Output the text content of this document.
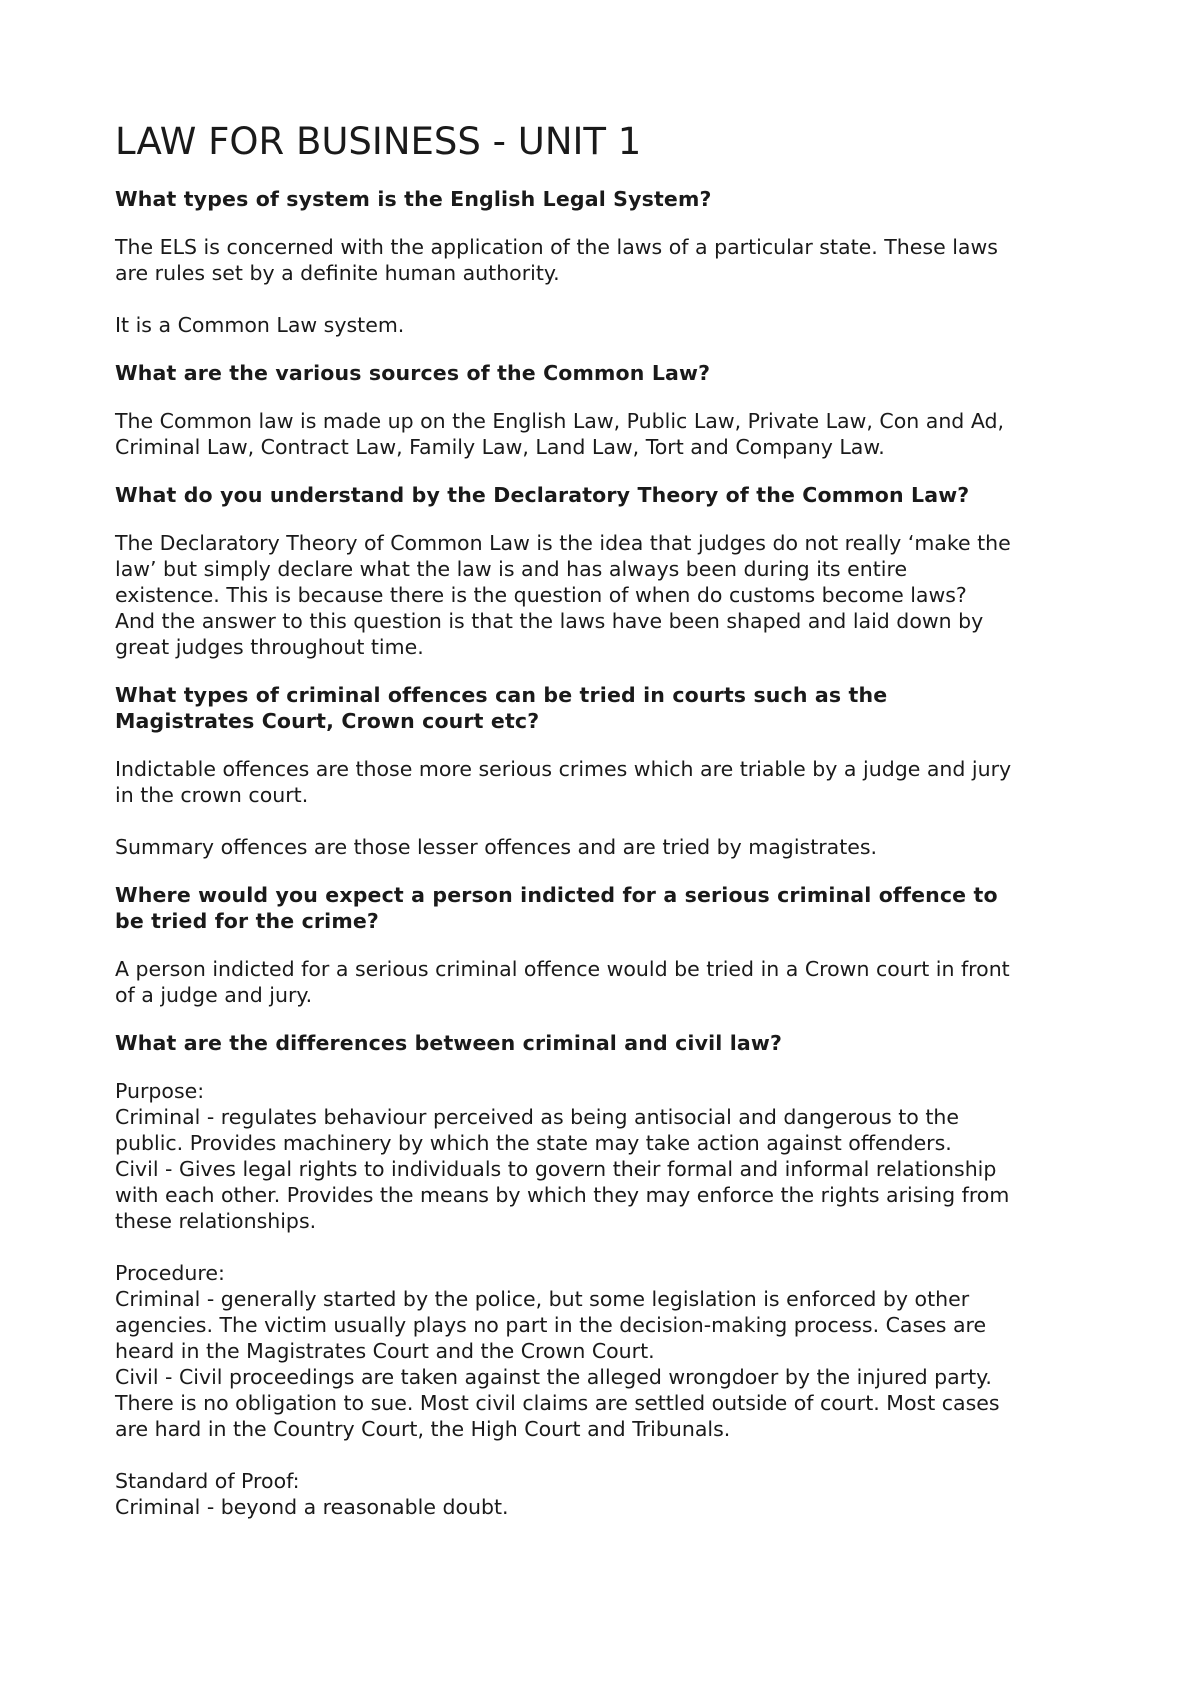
LAW FOR BUSINESS - UNIT 1
What types of system is the English Legal System?
The ELS is concerned with the application of the laws of a particular state. These laws
are rules set by a definite human authority.
It is a Common Law system.
What are the various sources of the Common Law?
The Common law is made up on the English Law, Public Law, Private Law, Con and Ad,
Criminal Law, Contract Law, Family Law, Land Law, Tort and Company Law.
What do you understand by the Declaratory Theory of the Common Law?
The Declaratory Theory of Common Law is the idea that judges do not really ‘make the
law’ but simply declare what the law is and has always been during its entire
existence. This is because there is the question of when do customs become laws?
And the answer to this question is that the laws have been shaped and laid down by
great judges throughout time.
What types of criminal offences can be tried in courts such as the
Magistrates Court, Crown court etc?
Indictable offences are those more serious crimes which are triable by a judge and jury
in the crown court.
Summary offences are those lesser offences and are tried by magistrates.
Where would you expect a person indicted for a serious criminal offence to
be tried for the crime?
A person indicted for a serious criminal offence would be tried in a Crown court in front
of a judge and jury.
What are the differences between criminal and civil law?
Purpose:
Criminal - regulates behaviour perceived as being antisocial and dangerous to the
public. Provides machinery by which the state may take action against offenders.
Civil - Gives legal rights to individuals to govern their formal and informal relationship
with each other. Provides the means by which they may enforce the rights arising from
these relationships.
Procedure:
Criminal - generally started by the police, but some legislation is enforced by other
agencies. The victim usually plays no part in the decision-making process. Cases are
heard in the Magistrates Court and the Crown Court.
Civil - Civil proceedings are taken against the alleged wrongdoer by the injured party.
There is no obligation to sue. Most civil claims are settled outside of court. Most cases
are hard in the Country Court, the High Court and Tribunals.
Standard of Proof:
Criminal - beyond a reasonable doubt.
